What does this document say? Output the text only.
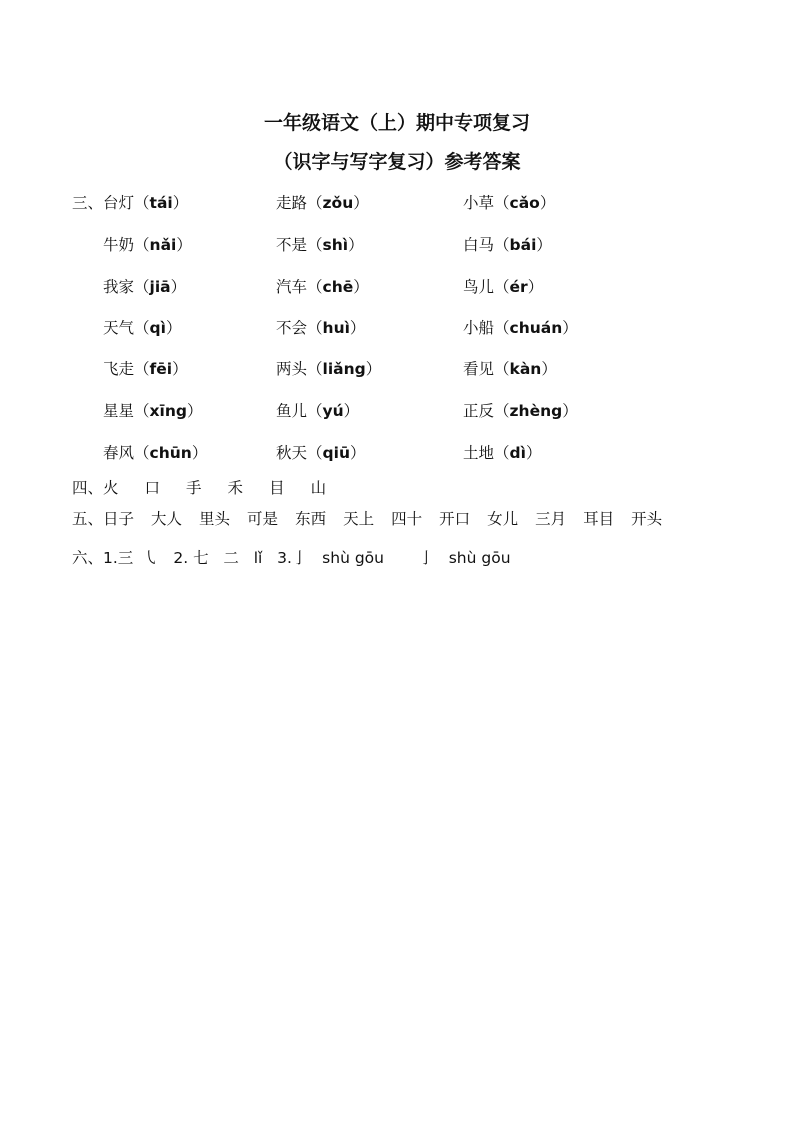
一年级语文（上）期中专项复习
（识字与写字复习）参考答案
三、 台灯（tái）	走路（zǒu）	小草（cǎo）
牛奶（nǎi）	不是（shì）	白马（bái）
我家（jiā）	汽车（chē）	鸟儿（ér）
天气（qì）	不会（huì）	小船（chuán）
飞走（fēi）	两头（liǎng）	看见（kàn）
星星（xīng）	鱼儿（yú）	正反（zhèng）
春风（chūn）	秋天（qiū）	土地（dì）
四、 火 口 手 禾 目 山
五、 日子 大人 里头 可是 东西 天上 四十 开口 女儿 三月 耳目 开头
六、 1.三  ㇂   2. 七   二   lǐ   3.亅   shù gōu       亅   shù gōu
